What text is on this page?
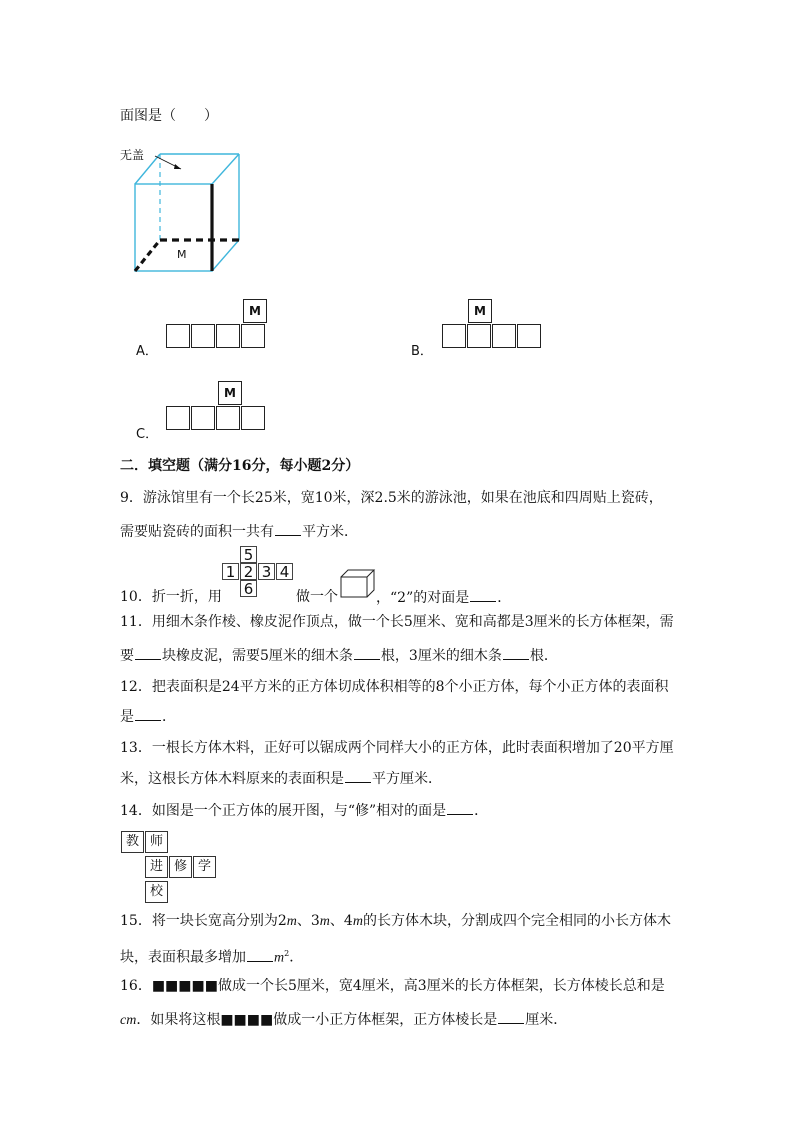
面图是（　　）
无盖
M
A．
M
B．
M
C．
M
二．填空题（满分16分，每小题2分）
9．游泳馆里有一个长25米，宽10米，深2.5米的游泳池，如果在池底和四周贴上瓷砖，
需要贴瓷砖的面积一共有 平方米．
10．折一折，用
5
1 2 3 4
6	做一个	，“2”的对面是 ．
11．用细木条作棱、橡皮泥作顶点，做一个长5厘米、宽和高都是3厘米的长方体框架，需
要 块橡皮泥，需要5厘米的细木条 根，3厘米的细木条 根．
12．把表面积是24平方米的正方体切成体积相等的8个小正方体，每个小正方体的表面积
是 ．
13．一根长方体木料，正好可以锯成两个同样大小的正方体，此时表面积增加了20平方厘
米，这根长方体木料原来的表面积是 平方厘米．
14．如图是一个正方体的展开图，与“修”相对的面是 ．
教 师
进 修 学
校
15．将一块长宽高分别为2m、3m、4m的长方体木块，分割成四个完全相同的小长方体木
块，表面积最多增加 $m^2$．
16．■■■■■做成一个长5厘米，宽4厘米，高3厘米的长方体框架，长方体棱长总和是
cm．如果将这根■■■■做成一小正方体框架，正方体棱长是 厘米．
